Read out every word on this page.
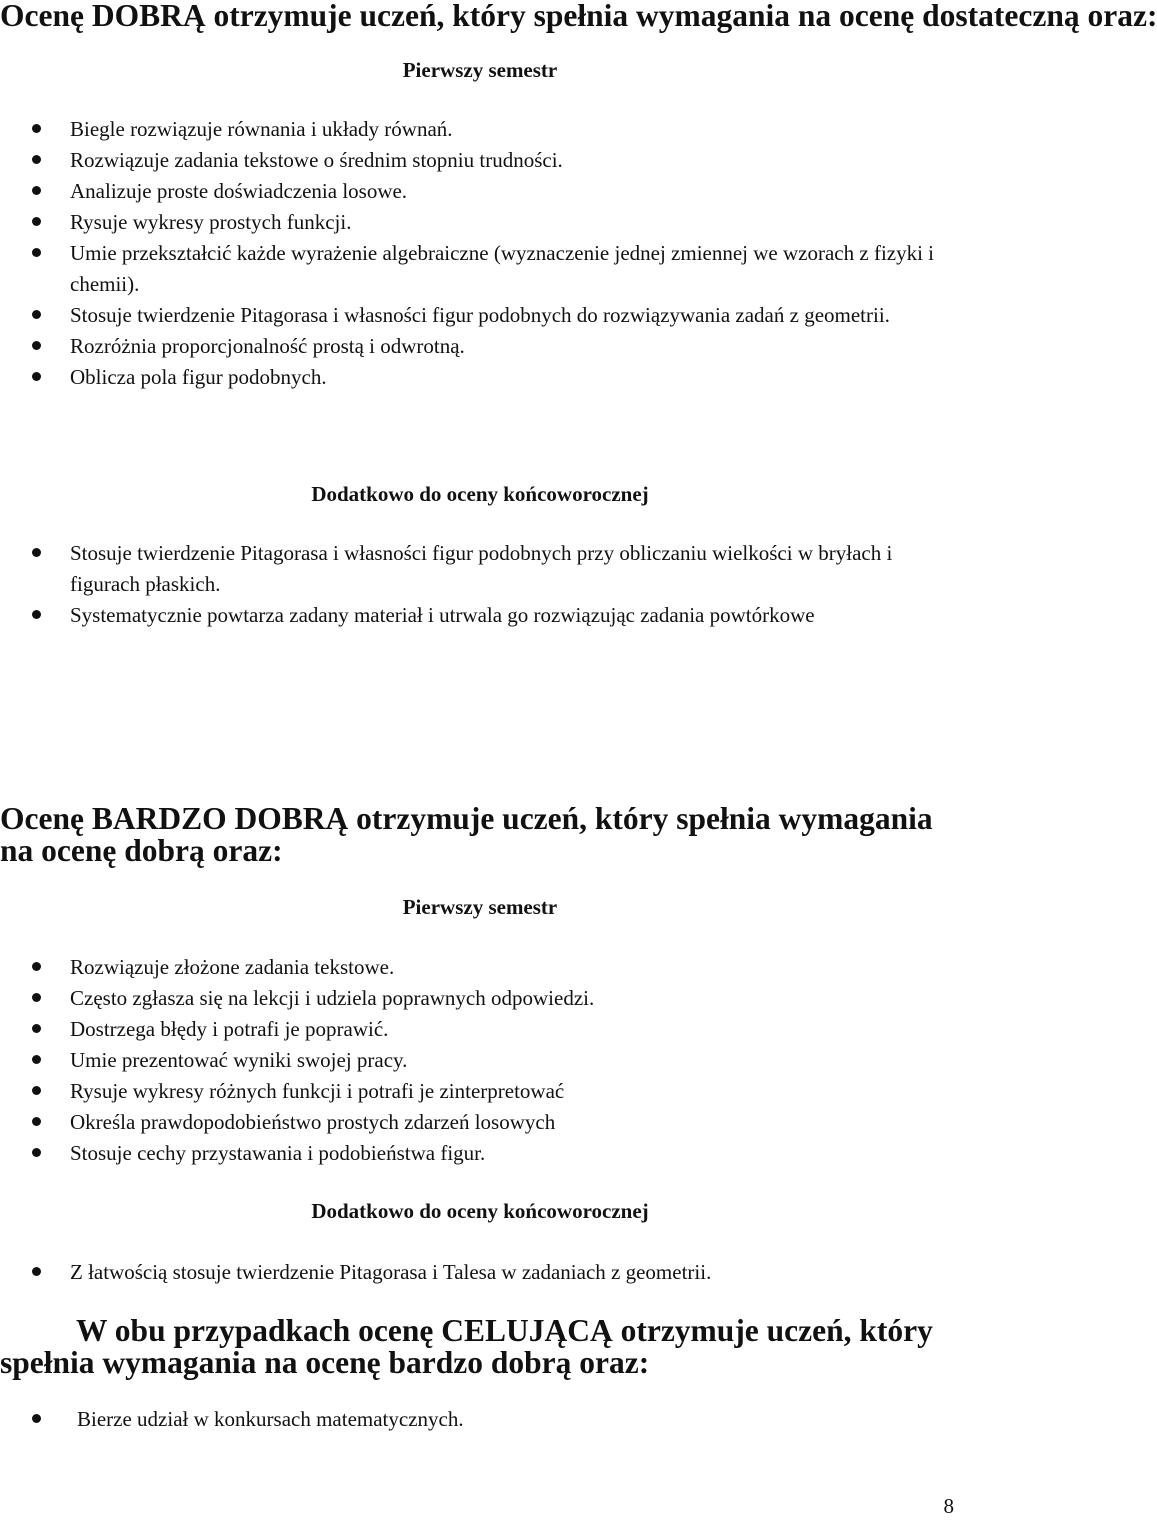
Ocenę DOBRĄ otrzymuje uczeń, który spełnia wymagania na ocenę dostateczną oraz:
Pierwszy semestr
Biegle rozwiązuje równania i układy równań.
Rozwiązuje zadania tekstowe o średnim stopniu trudności.
Analizuje proste doświadczenia losowe.
Rysuje wykresy prostych funkcji.
Umie przekształcić każde wyrażenie algebraiczne (wyznaczenie jednej zmiennej we wzorach z fizyki i chemii).
Stosuje twierdzenie Pitagorasa i własności figur podobnych do rozwiązywania zadań z geometrii.
Rozróżnia proporcjonalność prostą i odwrotną.
Oblicza pola figur podobnych.
Dodatkowo do oceny końcoworocznej
Stosuje twierdzenie Pitagorasa i własności figur podobnych przy obliczaniu wielkości w bryłach i figurach płaskich.
Systematycznie powtarza zadany materiał i utrwala go rozwiązując zadania powtórkowe
Ocenę BARDZO DOBRĄ otrzymuje uczeń, który spełnia wymagania na ocenę dobrą oraz:
Pierwszy semestr
Rozwiązuje złożone zadania tekstowe.
Często zgłasza się na lekcji i udziela poprawnych odpowiedzi.
Dostrzega błędy i potrafi je poprawić.
Umie prezentować wyniki swojej pracy.
Rysuje wykresy różnych funkcji i potrafi je zinterpretować
Określa prawdopodobieństwo prostych zdarzeń losowych
Stosuje cechy przystawania i podobieństwa figur.
Dodatkowo do oceny końcoworocznej
Z łatwością stosuje twierdzenie Pitagorasa i Talesa w zadaniach z geometrii.
W obu przypadkach ocenę CELUJĄCĄ otrzymuje uczeń, który spełnia wymagania na ocenę bardzo dobrą oraz:
Bierze udział w konkursach matematycznych.
8
